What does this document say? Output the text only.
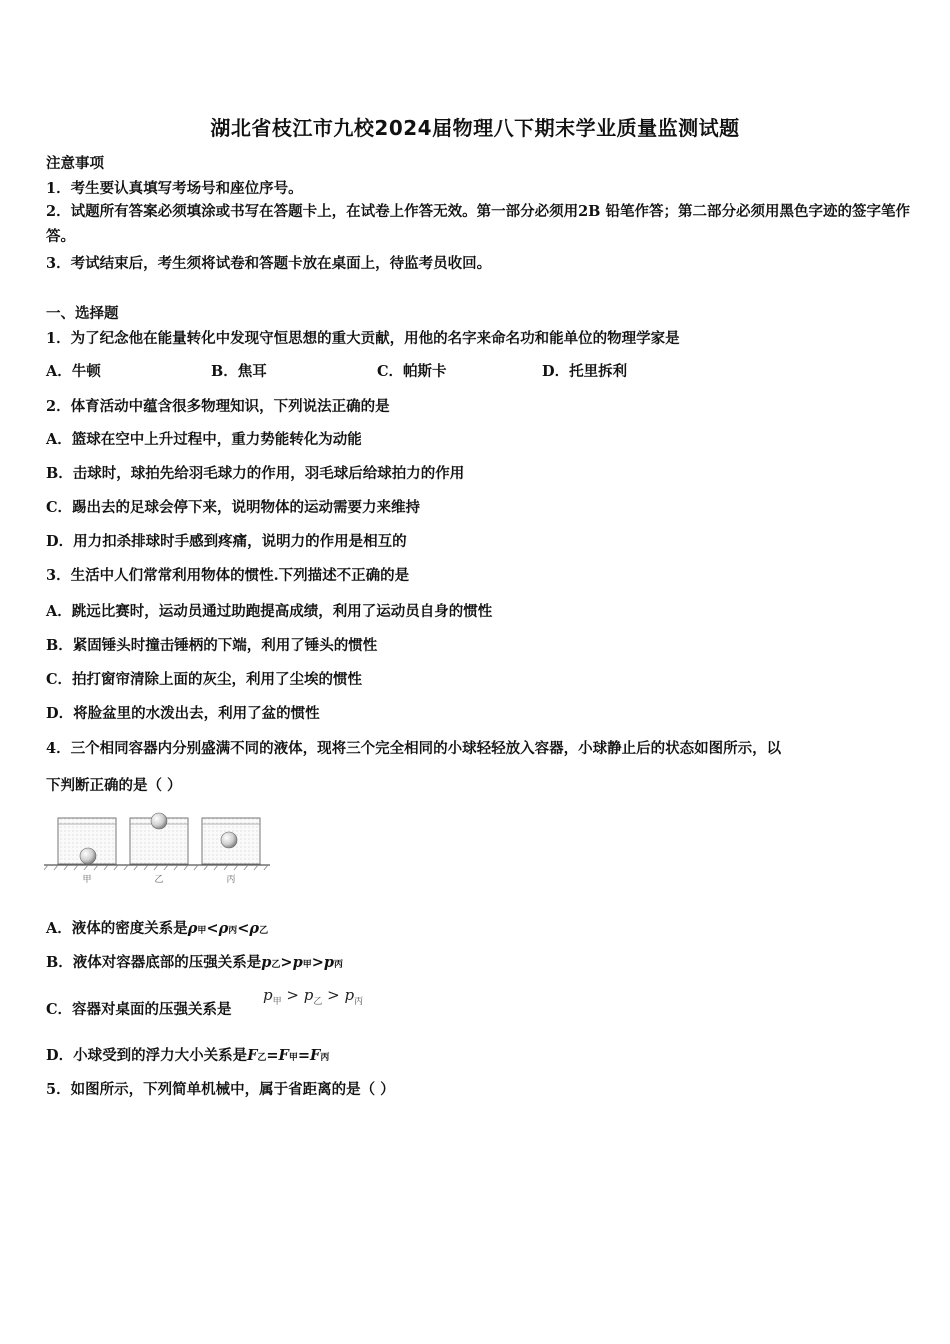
湖北省枝江市九校2024届物理八下期末学业质量监测试题
注意事项
1．考生要认真填写考场号和座位序号。
2．试题所有答案必须填涂或书写在答题卡上，在试卷上作答无效。第一部分必须用2B 铅笔作答；第二部分必须用黑色字迹的签字笔作答。
3．考试结束后，考生须将试卷和答题卡放在桌面上，待监考员收回。
一、选择题
1．为了纪念他在能量转化中发现守恒思想的重大贡献，用他的名字来命名功和能单位的物理学家是
A．牛顿	B．焦耳	C．帕斯卡	D．托里拆利
2．体育活动中蕴含很多物理知识，下列说法正确的是
A．篮球在空中上升过程中，重力势能转化为动能
B．击球时，球拍先给羽毛球力的作用，羽毛球后给球拍力的作用
C．踢出去的足球会停下来，说明物体的运动需要力来维持
D．用力扣杀排球时手感到疼痛，说明力的作用是相互的
3．生活中人们常常利用物体的惯性.下列描述不正确的是
A．跳远比赛时，运动员通过助跑提高成绩，利用了运动员自身的惯性
B．紧固锤头时撞击锤柄的下端，利用了锤头的惯性
C．拍打窗帘清除上面的灰尘，利用了尘埃的惯性
D．将脸盆里的水泼出去，利用了盆的惯性
4．三个相同容器内分别盛满不同的液体，现将三个完全相同的小球轻轻放入容器，小球静止后的状态如图所示，以
下判断正确的是（ ）
甲	乙	丙
A．液体的密度关系是ρ甲<ρ丙<ρ乙
B．液体对容器底部的压强关系是p乙>p甲>p丙
C．容器对桌面的压强关系是
$p_甲 > p_乙 > p_丙$
D．小球受到的浮力大小关系是F乙=F甲=F丙
5．如图所示，下列简单机械中，属于省距离的是（ ）
